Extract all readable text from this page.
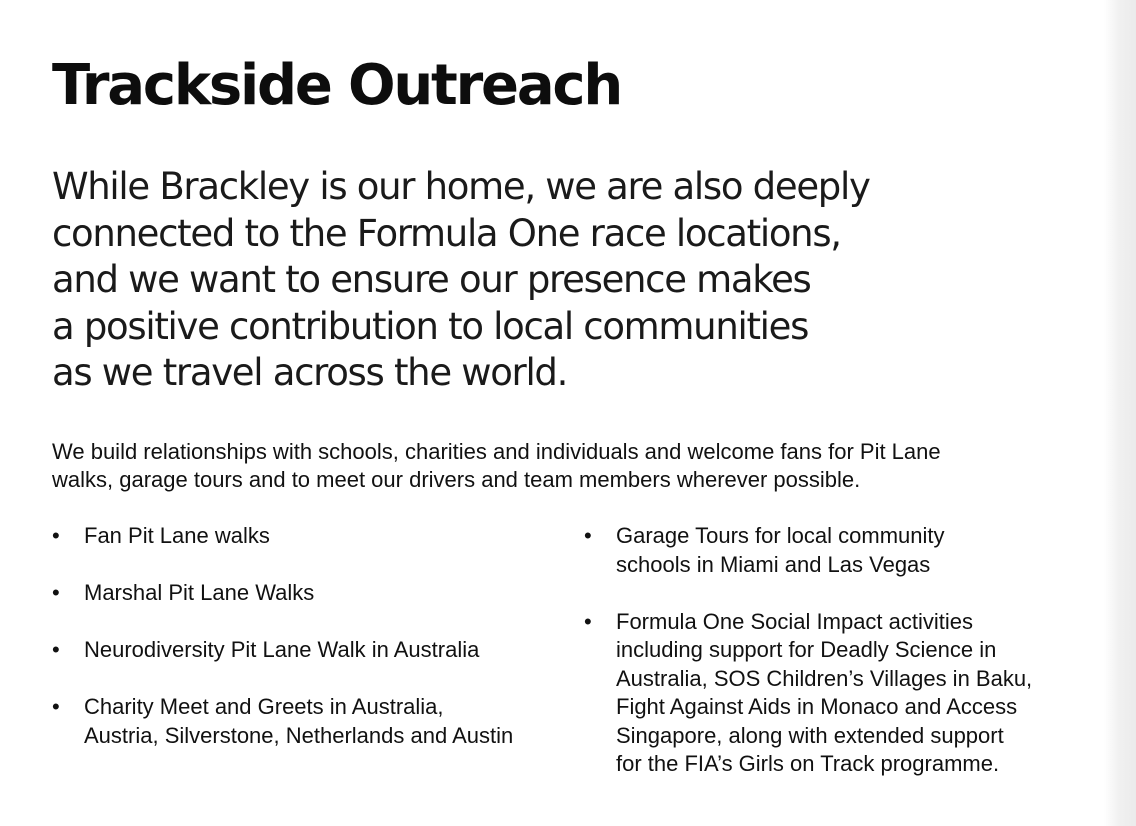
Trackside Outreach
While Brackley is our home, we are also deeply
connected to the Formula One race locations,
and we want to ensure our presence makes
a positive contribution to local communities
as we travel across the world.
We build relationships with schools, charities and individuals and welcome fans for Pit Lane
walks, garage tours and to meet our drivers and team members wherever possible.
• Fan Pit Lane walks
• Marshal Pit Lane Walks
• Neurodiversity Pit Lane Walk in Australia
• Charity Meet and Greets in Australia,
Austria, Silverstone, Netherlands and Austin
• Garage Tours for local community
schools in Miami and Las Vegas
• Formula One Social Impact activities
including support for Deadly Science in
Australia, SOS Children’s Villages in Baku,
Fight Against Aids in Monaco and Access
Singapore, along with extended support
for the FIA’s Girls on Track programme.
